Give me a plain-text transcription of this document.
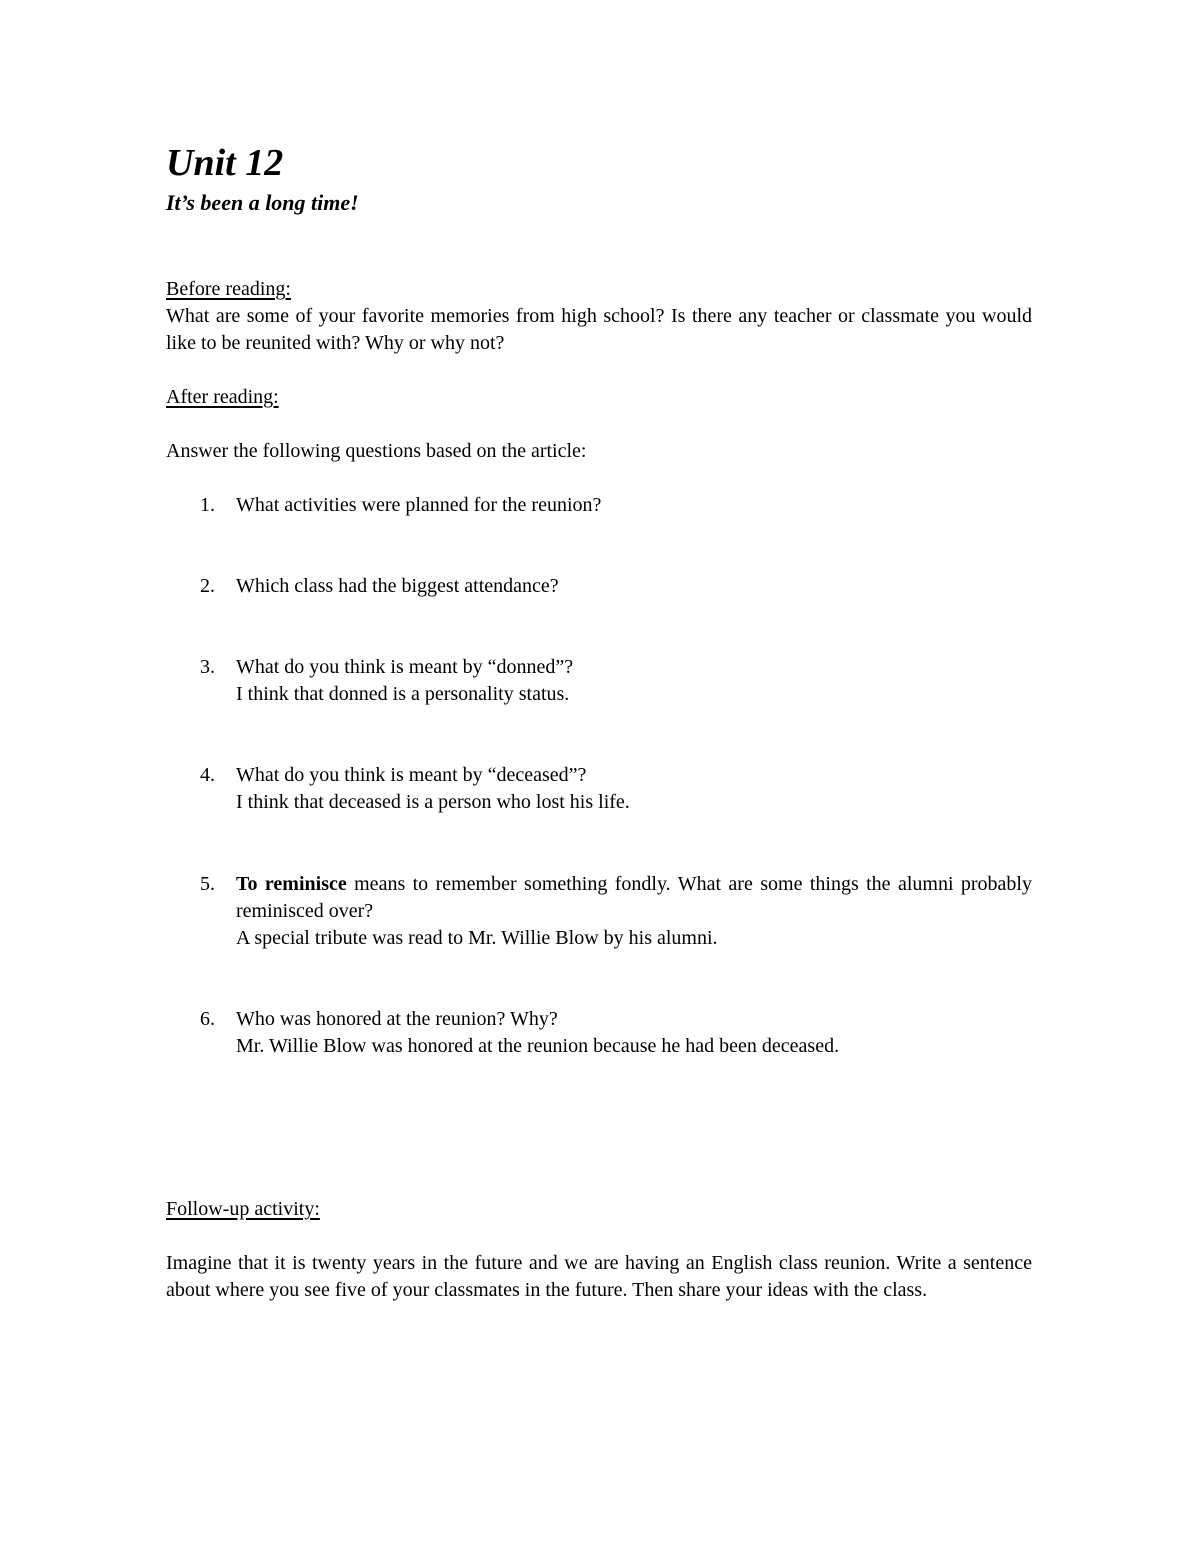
Unit 12
It’s been a long time!
Before reading:

What are some of your favorite memories from high school? Is there any teacher or classmate you would like to be reunited with? Why or why not?

After reading:

Answer the following questions based on the article:

1. What activities were planned for the reunion?

2. Which class had the biggest attendance?

3. What do you think is meant by “donned”?

I think that donned is a personality status.

4. What do you think is meant by “deceased”?

I think that deceased is a person who lost his life.

5. To reminisce means to remember something fondly. What are some things the alumni probably reminisced over?

A special tribute was read to Mr. Willie Blow by his alumni.

6. Who was honored at the reunion? Why?

Mr. Willie Blow was honored at the reunion because he had been deceased.

Follow-up activity:

Imagine that it is twenty years in the future and we are having an English class reunion. Write a sentence about where you see five of your classmates in the future. Then share your ideas with the class.
